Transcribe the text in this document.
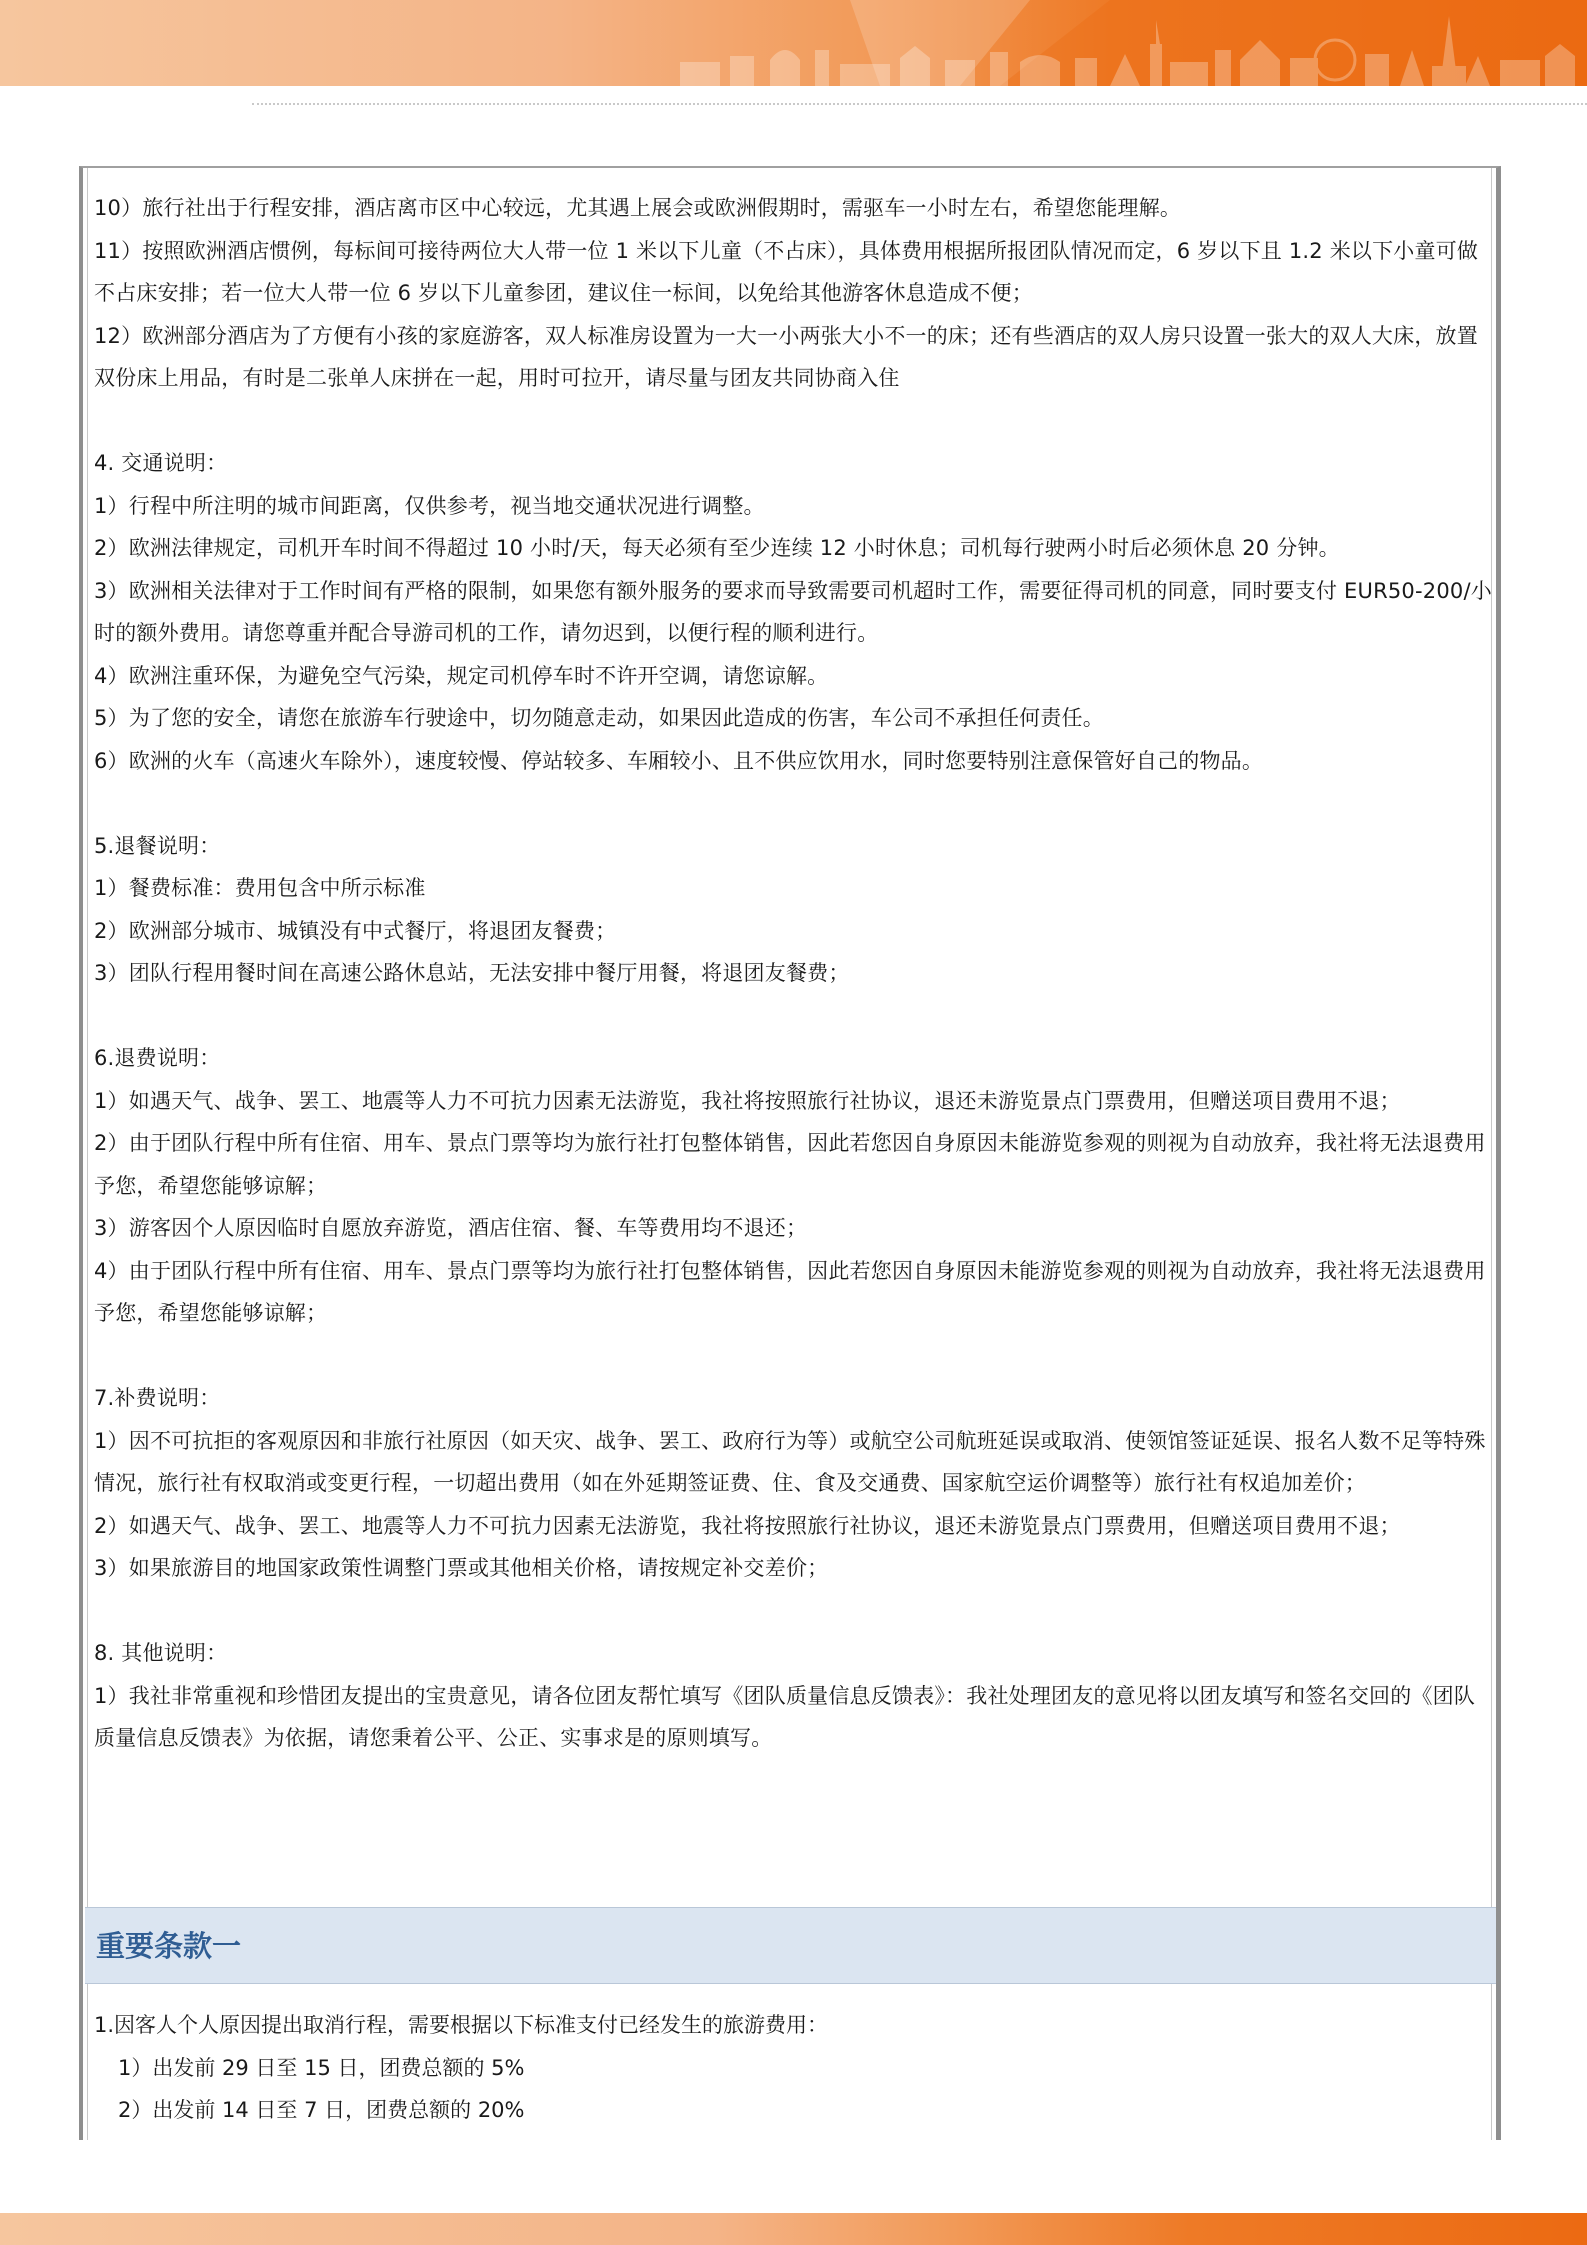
10）旅行社出于行程安排，酒店离市区中心较远，尤其遇上展会或欧洲假期时，需驱车一小时左右，希望您能理解。

11）按照欧洲酒店惯例，每标间可接待两位大人带一位 1 米以下儿童（不占床），具体费用根据所报团队情况而定，6 岁以下且 1.2 米以下小童可做不占床安排；若一位大人带一位 6 岁以下儿童参团，建议住一标间，以免给其他游客休息造成不便；

12）欧洲部分酒店为了方便有小孩的家庭游客，双人标准房设置为一大一小两张大小不一的床；还有些酒店的双人房只设置一张大的双人大床，放置双份床上用品，有时是二张单人床拼在一起，用时可拉开，请尽量与团友共同协商入住

4. 交通说明：

1）行程中所注明的城市间距离，仅供参考，视当地交通状况进行调整。

2）欧洲法律规定，司机开车时间不得超过 10 小时/天，每天必须有至少连续 12 小时休息；司机每行驶两小时后必须休息 20 分钟。

3）欧洲相关法律对于工作时间有严格的限制，如果您有额外服务的要求而导致需要司机超时工作，需要征得司机的同意，同时要支付 EUR50-200/小时的额外费用。请您尊重并配合导游司机的工作，请勿迟到，以便行程的顺利进行。

4）欧洲注重环保，为避免空气污染，规定司机停车时不许开空调，请您谅解。

5）为了您的安全，请您在旅游车行驶途中，切勿随意走动，如果因此造成的伤害，车公司不承担任何责任。

6）欧洲的火车（高速火车除外），速度较慢、停站较多、车厢较小、且不供应饮用水，同时您要特别注意保管好自己的物品。

5.退餐说明：

1）餐费标准：费用包含中所示标准

2）欧洲部分城市、城镇没有中式餐厅，将退团友餐费；

3）团队行程用餐时间在高速公路休息站，无法安排中餐厅用餐，将退团友餐费；

6.退费说明：

1）如遇天气、战争、罢工、地震等人力不可抗力因素无法游览，我社将按照旅行社协议，退还未游览景点门票费用，但赠送项目费用不退；

2）由于团队行程中所有住宿、用车、景点门票等均为旅行社打包整体销售，因此若您因自身原因未能游览参观的则视为自动放弃，我社将无法退费用予您，希望您能够谅解；

3）游客因个人原因临时自愿放弃游览，酒店住宿、餐、车等费用均不退还；

4）由于团队行程中所有住宿、用车、景点门票等均为旅行社打包整体销售，因此若您因自身原因未能游览参观的则视为自动放弃，我社将无法退费用予您，希望您能够谅解；

7.补费说明：

1）因不可抗拒的客观原因和非旅行社原因（如天灾、战争、罢工、政府行为等）或航空公司航班延误或取消、使领馆签证延误、报名人数不足等特殊情况，旅行社有权取消或变更行程，一切超出费用（如在外延期签证费、住、食及交通费、国家航空运价调整等）旅行社有权追加差价；

2）如遇天气、战争、罢工、地震等人力不可抗力因素无法游览，我社将按照旅行社协议，退还未游览景点门票费用，但赠送项目费用不退；

3）如果旅游目的地国家政策性调整门票或其他相关价格，请按规定补交差价；

8. 其他说明：

1）我社非常重视和珍惜团友提出的宝贵意见，请各位团友帮忙填写《团队质量信息反馈表》：我社处理团友的意见将以团友填写和签名交回的《团队质量信息反馈表》为依据，请您秉着公平、公正、实事求是的原则填写。

重要条款一

1.因客人个人原因提出取消行程，需要根据以下标准支付已经发生的旅游费用：

1）出发前 29 日至 15 日，团费总额的 5%

2）出发前 14 日至 7 日，团费总额的 20%
